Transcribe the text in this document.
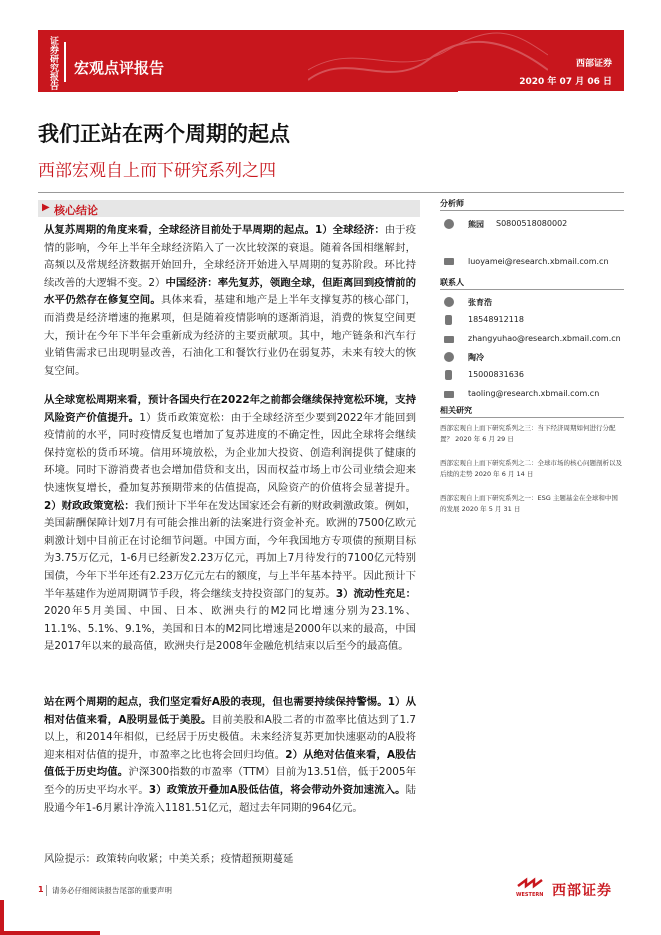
证券研究报告 宏观点评报告	西部证券
2020 年 07 月 06 日
我们正站在两个周期的起点
西部宏观自上而下研究系列之四
▶ 核心结论
从复苏周期的角度来看，全球经济目前处于早周期的起点。1）全球经济：由于疫情的影响，今年上半年全球经济陷入了一次比较深的衰退。随着各国相继解封，高频以及常规经济数据开始回升，全球经济开始进入早周期的复苏阶段。环比持续改善的大逻辑不变。2）中国经济：率先复苏，领跑全球，但距离回到疫情前的水平仍然存在修复空间。具体来看，基建和地产是上半年支撑复苏的核心部门，而消费是经济增速的拖累项，但是随着疫情影响的逐渐消退，消费的恢复空间更大，预计在今年下半年会重新成为经济的主要贡献项。其中，地产链条和汽车行业销售需求已出现明显改善，石油化工和餐饮行业仍在弱复苏，未来有较大的恢复空间。
从全球宽松周期来看，预计各国央行在2022年之前都会继续保持宽松环境，支持风险资产价值提升。1）货币政策宽松：由于全球经济至少要到2022年才能回到疫情前的水平，同时疫情反复也增加了复苏进度的不确定性，因此全球将会继续保持宽松的货币环境。信用环境放松，为企业加大投资、创造利润提供了健康的环境。同时下游消费者也会增加借贷和支出，因而权益市场上市公司业绩会迎来快速恢复增长，叠加复苏预期带来的估值提高，风险资产的价值将会显著提升。2）财政政策宽松：我们预计下半年在发达国家还会有新的财政刺激政策。例如，美国薪酬保障计划7月有可能会推出新的法案进行资金补充。欧洲的7500亿欧元刺激计划中目前正在讨论细节问题。中国方面，今年我国地方专项债的预期目标为3.75万亿元，1-6月已经新发2.23万亿元，再加上7月待发行的7100亿元特别国债，今年下半年还有2.23万亿元左右的额度，与上半年基本持平。因此预计下半年基建作为逆周期调节手段，将会继续支持投资部门的复苏。3）流动性充足：2020年5月美国、中国、日本、欧洲央行的M2同比增速分别为23.1%、11.1%、5.1%、9.1%，美国和日本的M2同比增速是2000年以来的最高，中国是2017年以来的最高值，欧洲央行是2008年金融危机结束以后至今的最高值。
站在两个周期的起点，我们坚定看好A股的表现，但也需要持续保持警惕。1）从相对估值来看，A股明显低于美股。目前美股和A股二者的市盈率比值达到了1.7以上，和2014年相似，已经居于历史极值。未来经济复苏更加快速驱动的A股将迎来相对估值的提升，市盈率之比也将会回归均值。2）从绝对估值来看，A股估值低于历史均值。沪深300指数的市盈率（TTM）目前为13.51倍，低于2005年至今的历史平均水平。3）政策放开叠加A股低估值，将会带动外资加速流入。陆股通今年1-6月累计净流入1181.51亿元，超过去年同期的964亿元。
风险提示：政策转向收紧；中美关系；疫情超预期蔓延
分析师
熊园 S0800518080002
luoyamei@research.xbmail.com.cn
联系人
张育浩
18548912118
zhangyuhao@research.xbmail.com.cn
陶冷
15000831636
taoling@research.xbmail.com.cn
相关研究
西部宏观自上而下研究系列之三：当下经济周期如何进行分配置？ 2020 年 6 月 29 日
西部宏观自上而下研究系列之二：全球市场的核心问题剖析以及后续的走势 2020 年 6 月 14 日
西部宏观自上而下研究系列之一：ESG 主题基金在全球和中国的发展 2020 年 5 月 31 日
1 请务必仔细阅读报告尾部的重要声明	WESTERN 西部证券
